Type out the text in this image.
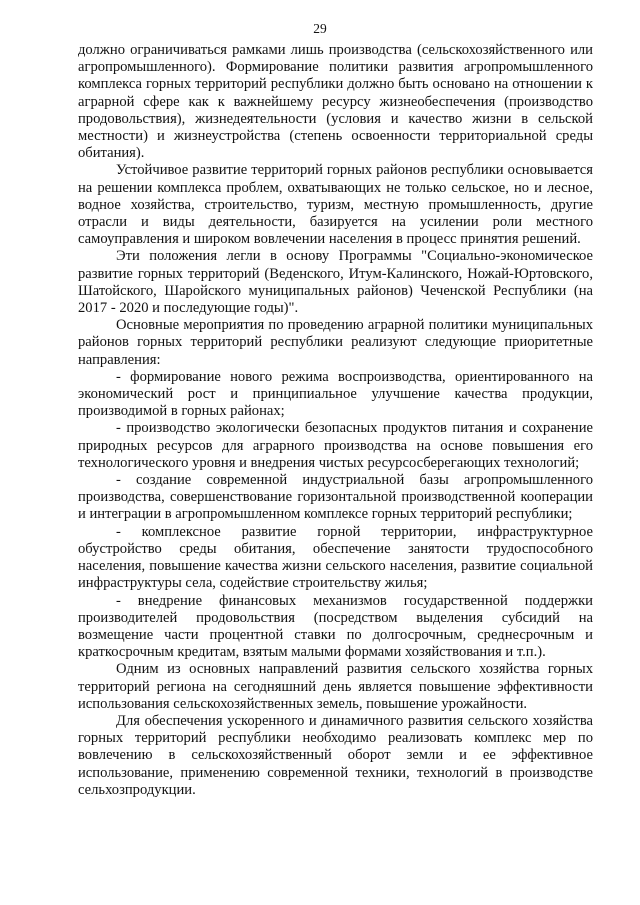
29

должно ограничиваться рамками лишь производства (сельскохозяйственного или агропромышленного). Формирование политики развития агропромышленного комплекса горных территорий республики должно быть основано на отношении к аграрной сфере как к важнейшему ресурсу жизнеобеспечения (производство продовольствия), жизнедеятельности (условия и качество жизни в сельской местности) и жизнеустройства (степень освоенности территориальной среды обитания).

Устойчивое развитие территорий горных районов республики основывается на решении комплекса проблем, охватывающих не только сельское, но и лесное, водное хозяйства, строительство, туризм, местную промышленность, другие отрасли и виды деятельности, базируется на усилении роли местного самоуправления и широком вовлечении населения в процесс принятия решений.

Эти положения легли в основу Программы "Социально-экономическое развитие горных территорий (Веденского, Итум-Калинского, Ножай-Юртовского, Шатойского, Шаройского муниципальных районов) Чеченской Республики (на 2017 - 2020 и последующие годы)".

Основные мероприятия по проведению аграрной политики муниципальных районов горных территорий республики реализуют следующие приоритетные направления:

- формирование нового режима воспроизводства, ориентированного на экономический рост и принципиальное улучшение качества продукции, производимой в горных районах;

- производство экологически безопасных продуктов питания и сохранение природных ресурсов для аграрного производства на основе повышения его технологического уровня и внедрения чистых ресурсосберегающих технологий;

- создание современной индустриальной базы агропромышленного производства, совершенствование горизонтальной производственной кооперации и интеграции в агропромышленном комплексе горных территорий республики;

- комплексное развитие горной территории, инфраструктурное обустройство среды обитания, обеспечение занятости трудоспособного населения, повышение качества жизни сельского населения, развитие социальной инфраструктуры села, содействие строительству жилья;

- внедрение финансовых механизмов государственной поддержки производителей продовольствия (посредством выделения субсидий на возмещение части процентной ставки по долгосрочным, среднесрочным и краткосрочным кредитам, взятым малыми формами хозяйствования и т.п.).

Одним из основных направлений развития сельского хозяйства горных территорий региона на сегодняшний день является повышение эффективности использования сельскохозяйственных земель, повышение урожайности.

Для обеспечения ускоренного и динамичного развития сельского хозяйства горных территорий республики необходимо реализовать комплекс мер по вовлечению в сельскохозяйственный оборот земли и ее эффективное использование, применению современной техники, технологий в производстве сельхозпродукции.
